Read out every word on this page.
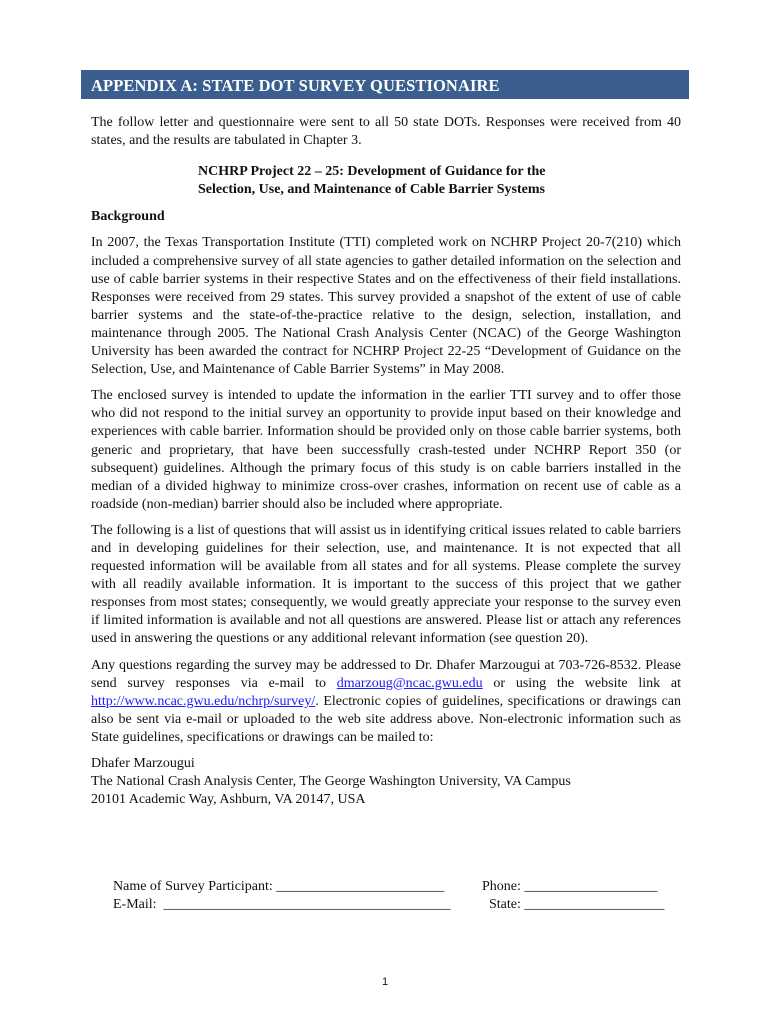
APPENDIX A: STATE DOT SURVEY QUESTIONAIRE

The follow letter and questionnaire were sent to all 50 state DOTs. Responses were received from 40 states, and the results are tabulated in Chapter 3.

NCHRP Project 22 – 25: Development of Guidance for the
Selection, Use, and Maintenance of Cable Barrier Systems

Background

In 2007, the Texas Transportation Institute (TTI) completed work on NCHRP Project 20-7(210) which included a comprehensive survey of all state agencies to gather detailed information on the selection and use of cable barrier systems in their respective States and on the effectiveness of their field installations. Responses were received from 29 states. This survey provided a snapshot of the extent of use of cable barrier systems and the state-of-the-practice relative to the design, selection, installation, and maintenance through 2005. The National Crash Analysis Center (NCAC) of the George Washington University has been awarded the contract for NCHRP Project 22-25 “Development of Guidance on the Selection, Use, and Maintenance of Cable Barrier Systems” in May 2008.

The enclosed survey is intended to update the information in the earlier TTI survey and to offer those who did not respond to the initial survey an opportunity to provide input based on their knowledge and experiences with cable barrier. Information should be provided only on those cable barrier systems, both generic and proprietary, that have been successfully crash-tested under NCHRP Report 350 (or subsequent) guidelines. Although the primary focus of this study is on cable barriers installed in the median of a divided highway to minimize cross-over crashes, information on recent use of cable as a roadside (non-median) barrier should also be included where appropriate.

The following is a list of questions that will assist us in identifying critical issues related to cable barriers and in developing guidelines for their selection, use, and maintenance. It is not expected that all requested information will be available from all states and for all systems. Please complete the survey with all readily available information. It is important to the success of this project that we gather responses from most states; consequently, we would greatly appreciate your response to the survey even if limited information is available and not all questions are answered. Please list or attach any references used in answering the questions or any additional relevant information (see question 20).

Any questions regarding the survey may be addressed to Dr. Dhafer Marzougui at 703-726-8532. Please send survey responses via e-mail to dmarzoug@ncac.gwu.edu or using the website link at http://www.ncac.gwu.edu/nchrp/survey/. Electronic copies of guidelines, specifications or drawings can also be sent via e-mail or uploaded to the web site address above. Non-electronic information such as State guidelines, specifications or drawings can be mailed to:

Dhafer Marzougui
The National Crash Analysis Center, The George Washington University, VA Campus
20101 Academic Way, Ashburn, VA 20147, USA

Name of Survey Participant: ________________________	Phone: ___________________
E-Mail: _________________________________________	State: ____________________
1
